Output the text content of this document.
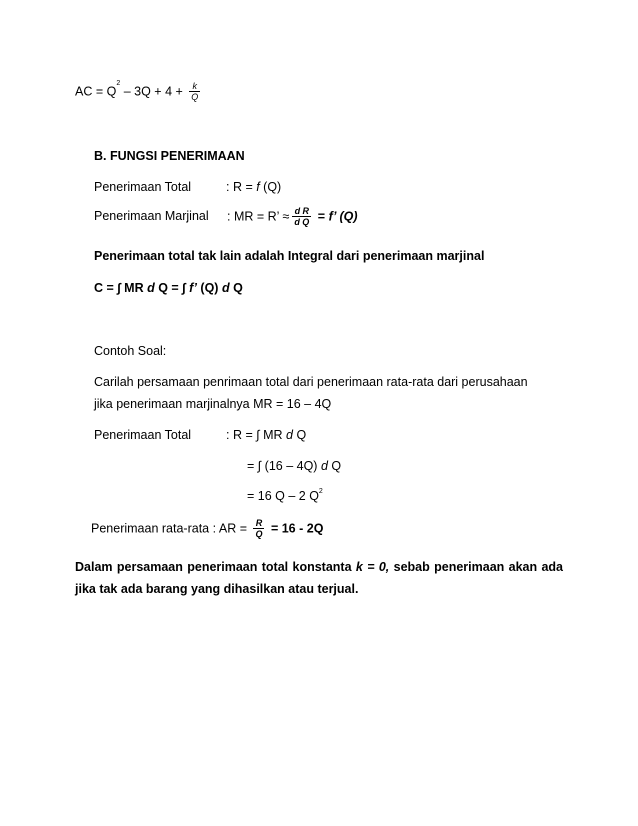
AC = $Q^2 - 3Q + 4 + \frac{k}{Q}$
B. FUNGSI PENERIMAAN
Penerimaan Total	: R = f (Q)
Penerimaan Marjinal : MR = R’ ≈ $\frac{\text{d R}}{\text{d Q}} = f$’ (Q)
Penerimaan total tak lain adalah Integral dari penerimaan marjinal
C = ∫ MR d Q = ∫ f’ (Q) d Q
Contoh Soal:
Carilah persamaan penrimaan total dari penerimaan rata-rata dari perusahaan
jika penerimaan marjinalnya MR = 16 – 4Q
Penerimaan Total	: R = ∫ MR d Q
= ∫ (16 – 4Q) d Q
= 16 Q – 2 $Q^2$
Penerimaan rata-rata : AR = $\frac{R}{Q} = 16 - 2Q$
Dalam persamaan penerimaan total konstanta k = 0, sebab penerimaan akan ada jika tak ada barang yang dihasilkan atau terjual.
